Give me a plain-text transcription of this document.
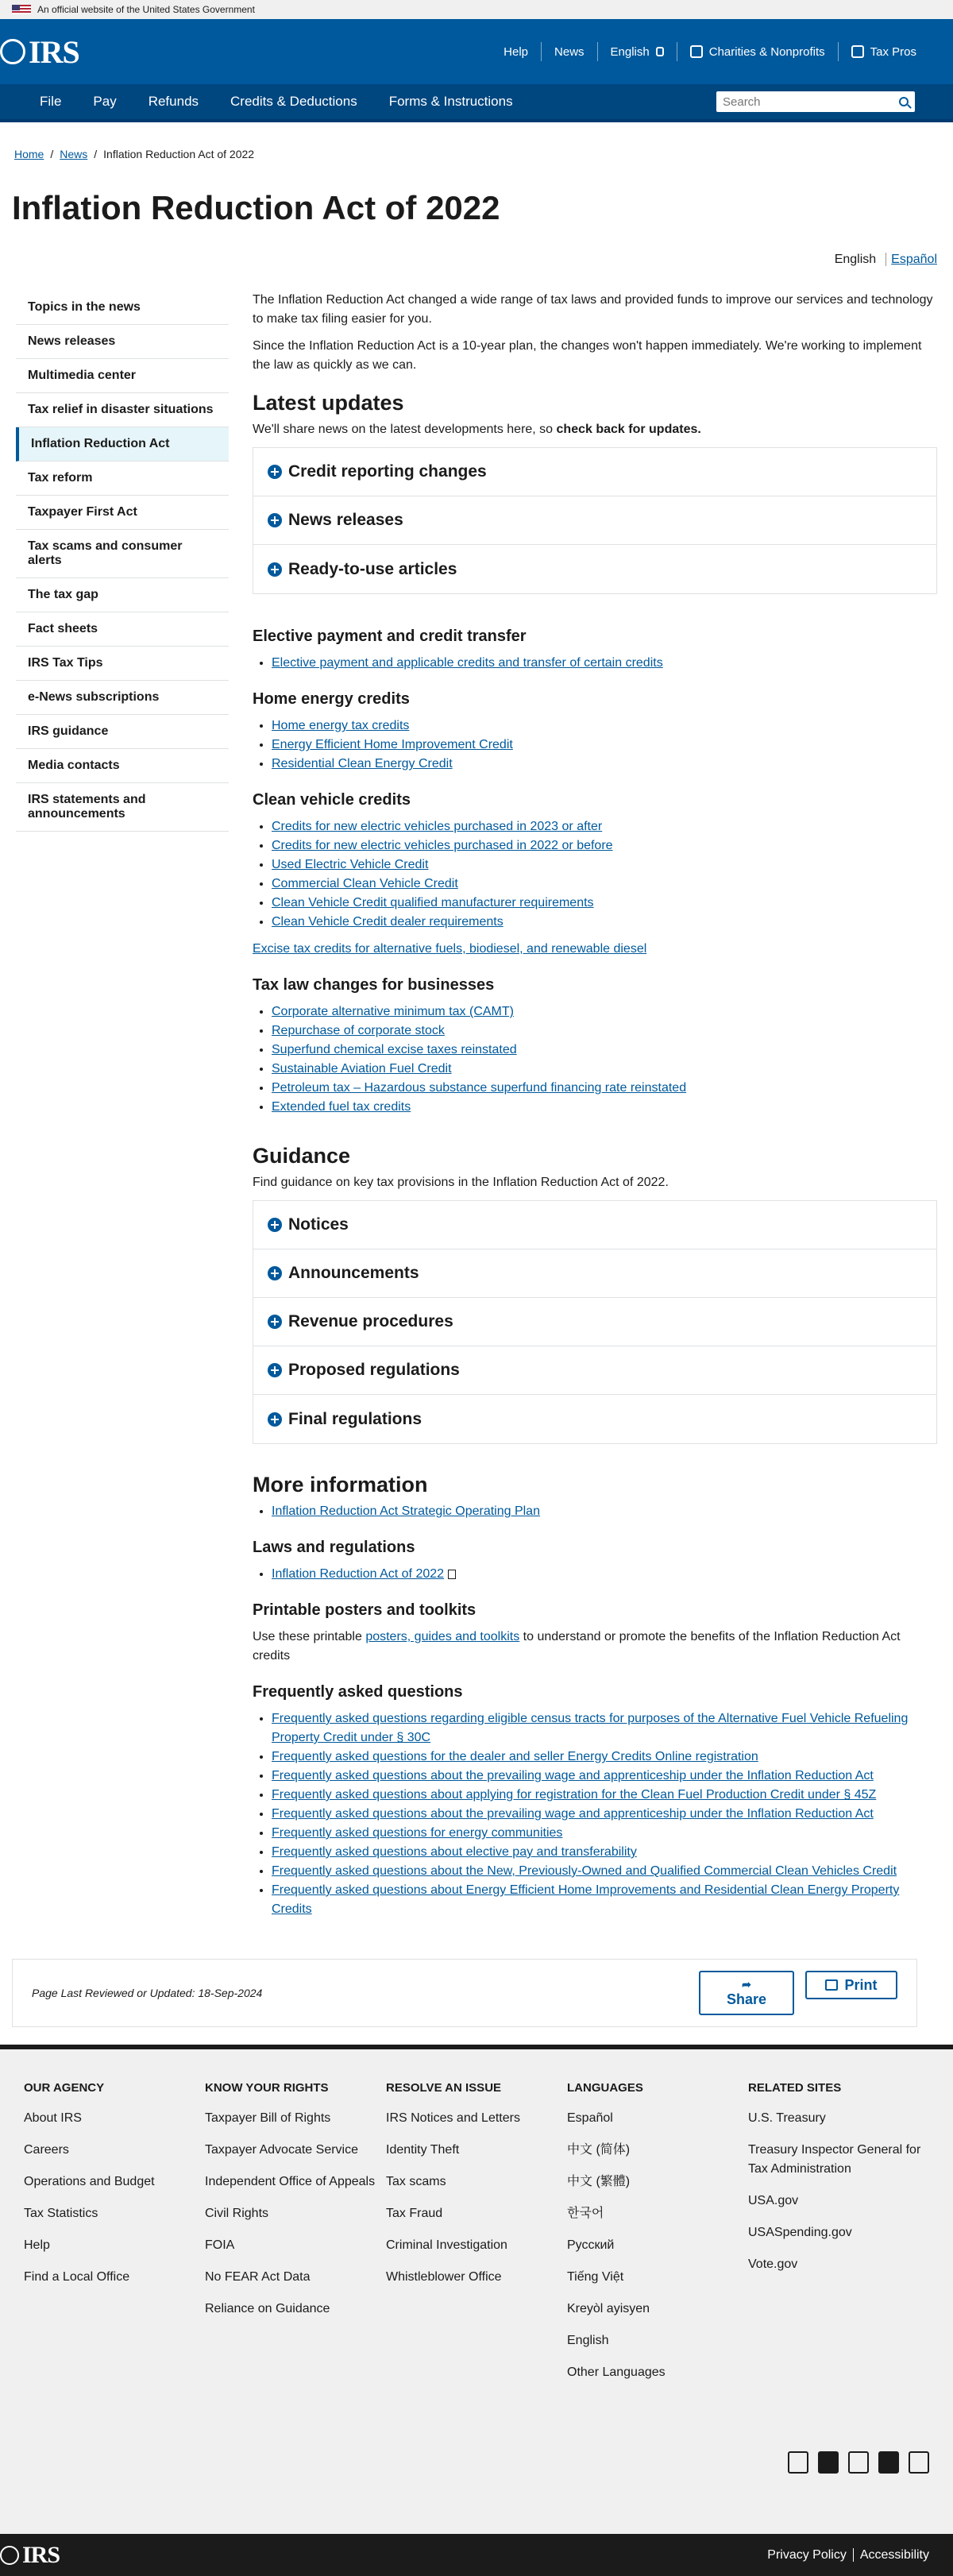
An official website of the United States Government
IRS	Help	News	English	Charities & Nonprofits	Tax Pros
File	Pay	Refunds	Credits & Deductions	Forms & Instructions
Search
Home / News / Inflation Reduction Act of 2022
Inflation Reduction Act of 2022
English Español
Topics in the news
News releases
Multimedia center
Tax relief in disaster situations
Inflation Reduction Act
Tax reform
Taxpayer First Act
Tax scams and consumer alerts
The tax gap
Fact sheets
IRS Tax Tips
e-News subscriptions
IRS guidance
Media contacts
IRS statements and announcements

The Inflation Reduction Act changed a wide range of tax laws and provided funds to improve our services and technology to make tax filing easier for you.

Since the Inflation Reduction Act is a 10-year plan, the changes won't happen immediately. We're working to implement the law as quickly as we can.

Latest updates

We'll share news on the latest developments here, so check back for updates.

Credit reporting changes
News releases
Ready-to-use articles
Elective payment and credit transfer
• Elective payment and applicable credits and transfer of certain credits
Home energy credits
• Home energy tax credits
• Energy Efficient Home Improvement Credit
• Residential Clean Energy Credit
Clean vehicle credits
• Credits for new electric vehicles purchased in 2023 or after
• Credits for new electric vehicles purchased in 2022 or before
• Used Electric Vehicle Credit
• Commercial Clean Vehicle Credit
• Clean Vehicle Credit qualified manufacturer requirements
• Clean Vehicle Credit dealer requirements

Excise tax credits for alternative fuels, biodiesel, and renewable diesel

Tax law changes for businesses
• Corporate alternative minimum tax (CAMT)
• Repurchase of corporate stock
• Superfund chemical excise taxes reinstated
• Sustainable Aviation Fuel Credit
• Petroleum tax – Hazardous substance superfund financing rate reinstated
• Extended fuel tax credits
Guidance

Find guidance on key tax provisions in the Inflation Reduction Act of 2022.

Notices
Announcements
Revenue procedures
Proposed regulations
Final regulations
More information
• Inflation Reduction Act Strategic Operating Plan
Laws and regulations
• Inflation Reduction Act of 2022
Printable posters and toolkits

Use these printable posters, guides and toolkits to understand or promote the benefits of the Inflation Reduction Act credits

Frequently asked questions
• Frequently asked questions regarding eligible census tracts for purposes of the Alternative Fuel Vehicle Refueling Property Credit under § 30C
• Frequently asked questions for the dealer and seller Energy Credits Online registration
• Frequently asked questions about the prevailing wage and apprenticeship under the Inflation Reduction Act
• Frequently asked questions about applying for registration for the Clean Fuel Production Credit under § 45Z
• Frequently asked questions about the prevailing wage and apprenticeship under the Inflation Reduction Act
• Frequently asked questions for energy communities
• Frequently asked questions about elective pay and transferability
• Frequently asked questions about the New, Previously-Owned and Qualified Commercial Clean Vehicles Credit
• Frequently asked questions about Energy Efficient Home Improvements and Residential Clean Energy Property Credits
Page Last Reviewed or Updated: 18-Sep-2024
➦
Share
Print
OUR AGENCY
About IRS
Careers
Operations and Budget
Tax Statistics
Help
Find a Local Office
KNOW YOUR RIGHTS
Taxpayer Bill of Rights
Taxpayer Advocate Service
Independent Office of Appeals
Civil Rights
FOIA
No FEAR Act Data
Reliance on Guidance
RESOLVE AN ISSUE
IRS Notices and Letters
Identity Theft
Tax scams
Tax Fraud
Criminal Investigation
Whistleblower Office
LANGUAGES
Español
中文 (简体)
中文 (繁體)
한국어
Русский
Tiếng Việt
Kreyòl ayisyen
English
Other Languages
RELATED SITES
U.S. Treasury
Treasury Inspector General for Tax Administration
USA.gov
USASpending.gov
Vote.gov
IRS	Privacy Policy Accessibility
